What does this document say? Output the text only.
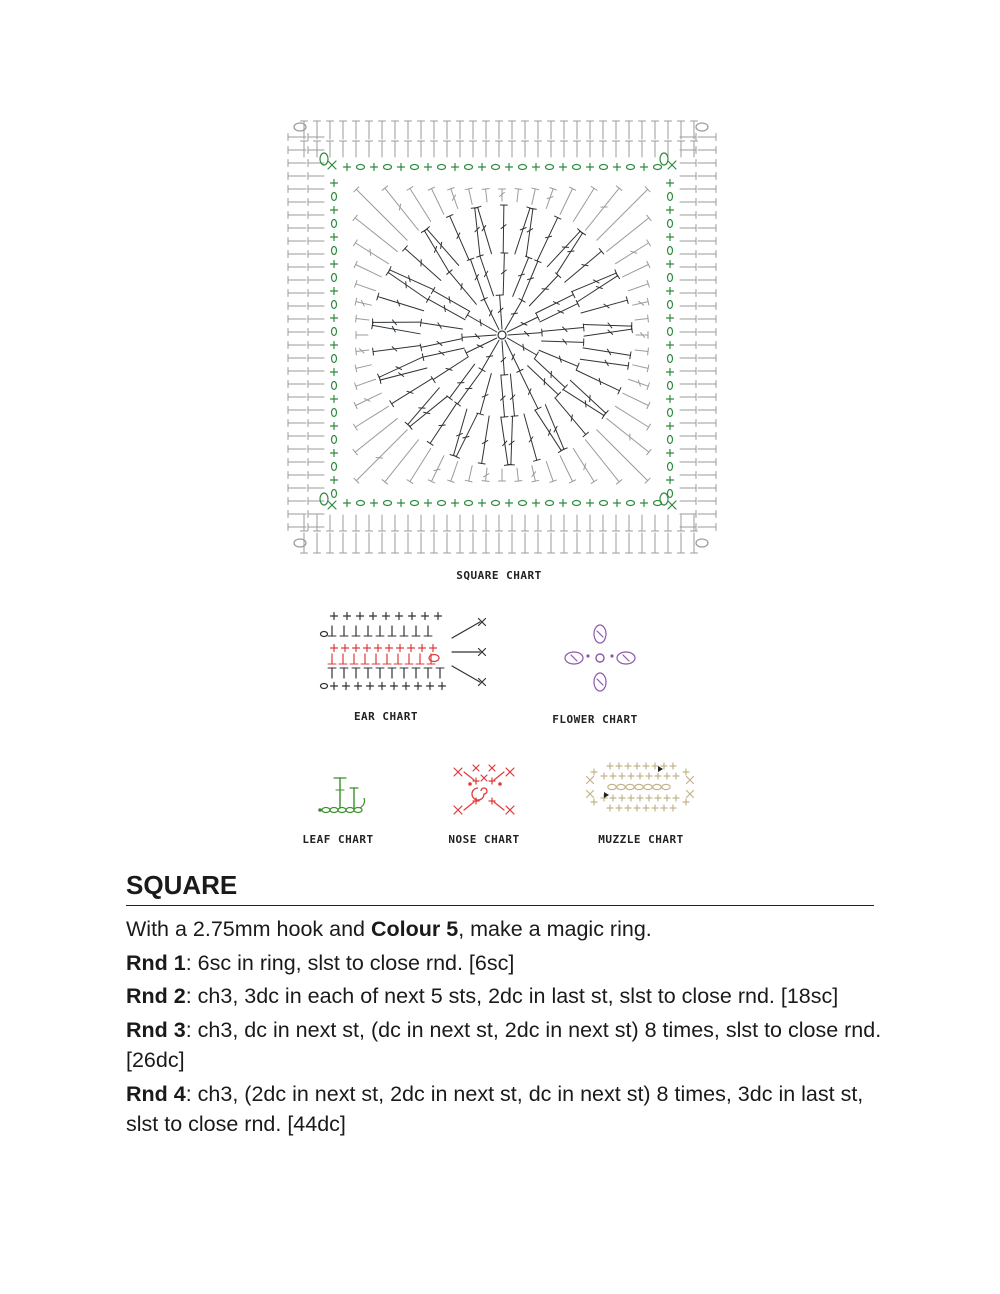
SQUARE CHART
EAR CHART	FLOWER CHART
LEAF CHART	NOSE CHART	MUZZLE CHART
SQUARE

With a 2.75mm hook and Colour 5, make a magic ring.

Rnd 1: 6sc in ring, slst to close rnd. [6sc]

Rnd 2: ch3, 3dc in each of next 5 sts, 2dc in last st, slst to close rnd. [18sc]

Rnd 3: ch3, dc in next st, (dc in next st, 2dc in next st) 8 times, slst to close rnd. [26dc]

Rnd 4: ch3, (2dc in next st, 2dc in next st, dc in next st) 8 times, 3dc in last st, slst to close rnd. [44dc]
